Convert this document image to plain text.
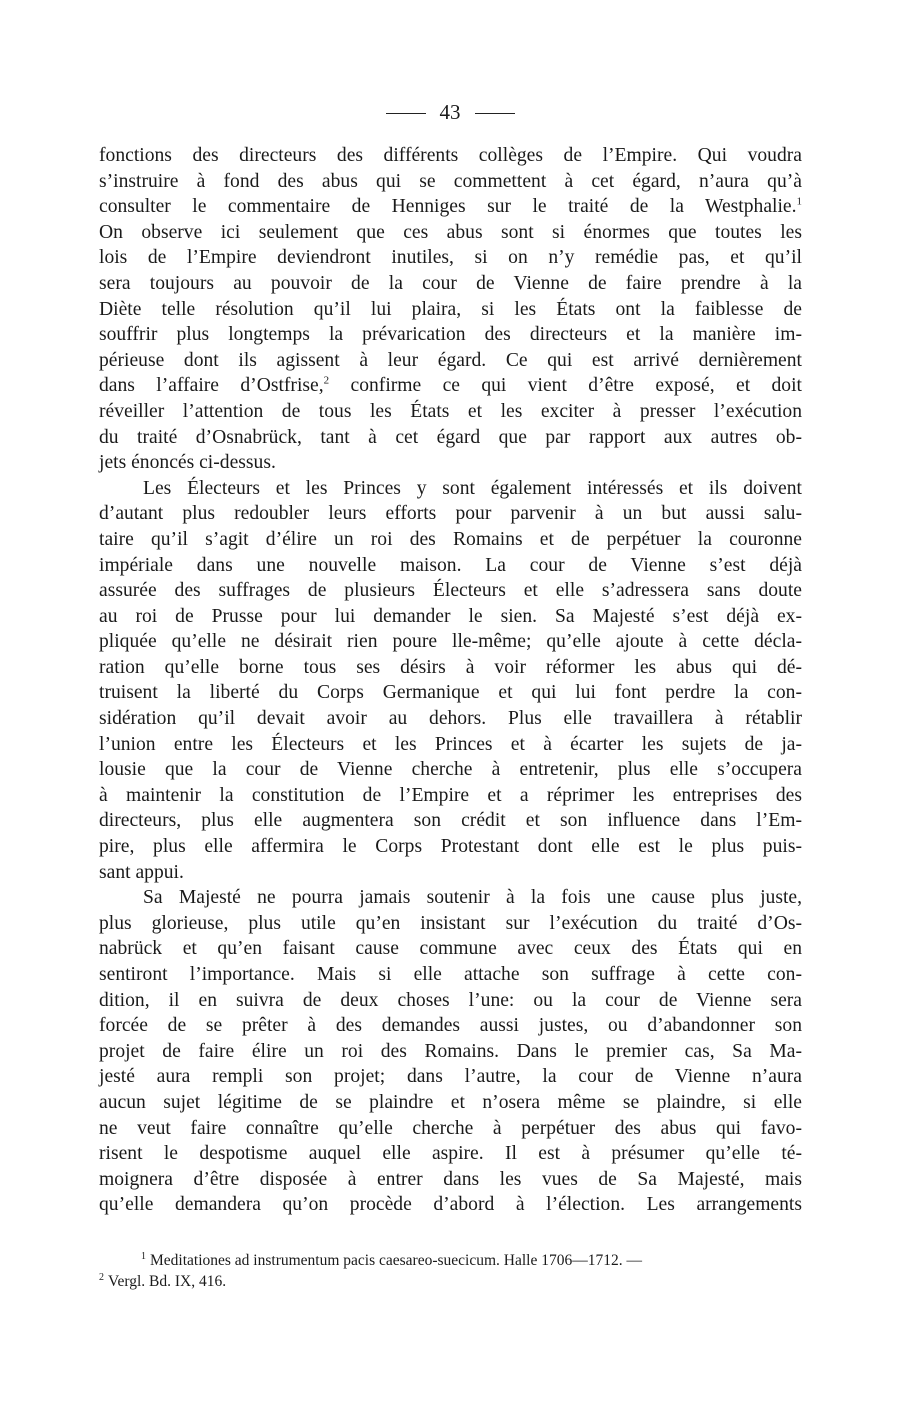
43
fonctions des directeurs des différents collèges de l’Empire. Qui voudra
s’instruire à fond des abus qui se commettent à cet égard, n’aura qu’à
consulter le commentaire de Henniges sur le traité de la Westphalie.$^1$
On observe ici seulement que ces abus sont si énormes que toutes les
lois de l’Empire deviendront inutiles, si on n’y remédie pas, et qu’il
sera toujours au pouvoir de la cour de Vienne de faire prendre à la
Diète telle résolution qu’il lui plaira, si les États ont la faiblesse de
souffrir plus longtemps la prévarication des directeurs et la manière im-
périeuse dont ils agissent à leur égard. Ce qui est arrivé dernièrement
dans l’affaire d’Ostfrise,$^2$ confirme ce qui vient d’être exposé, et doit
réveiller l’attention de tous les États et les exciter à presser l’exécution
du traité d’Osnabrück, tant à cet égard que par rapport aux autres ob-
jets énoncés ci-dessus.
Les Électeurs et les Princes y sont également intéressés et ils doivent
d’autant plus redoubler leurs efforts pour parvenir à un but aussi salu-
taire qu’il s’agit d’élire un roi des Romains et de perpétuer la couronne
impériale dans une nouvelle maison. La cour de Vienne s’est déjà
assurée des suffrages de plusieurs Électeurs et elle s’adressera sans doute
au roi de Prusse pour lui demander le sien. Sa Majesté s’est déjà ex-
pliquée qu’elle ne désirait rien poure lle-même; qu’elle ajoute à cette décla-
ration qu’elle borne tous ses désirs à voir réformer les abus qui dé-
truisent la liberté du Corps Germanique et qui lui font perdre la con-
sidération qu’il devait avoir au dehors. Plus elle travaillera à rétablir
l’union entre les Électeurs et les Princes et à écarter les sujets de ja-
lousie que la cour de Vienne cherche à entretenir, plus elle s’occupera
à maintenir la constitution de l’Empire et a réprimer les entreprises des
directeurs, plus elle augmentera son crédit et son influence dans l’Em-
pire, plus elle affermira le Corps Protestant dont elle est le plus puis-
sant appui.
Sa Majesté ne pourra jamais soutenir à la fois une cause plus juste,
plus glorieuse, plus utile qu’en insistant sur l’exécution du traité d’Os-
nabrück et qu’en faisant cause commune avec ceux des États qui en
sentiront l’importance. Mais si elle attache son suffrage à cette con-
dition, il en suivra de deux choses l’une: ou la cour de Vienne sera
forcée de se prêter à des demandes aussi justes, ou d’abandonner son
projet de faire élire un roi des Romains. Dans le premier cas, Sa Ma-
jesté aura rempli son projet; dans l’autre, la cour de Vienne n’aura
aucun sujet légitime de se plaindre et n’osera même se plaindre, si elle
ne veut faire connaître qu’elle cherche à perpétuer des abus qui favo-
risent le despotisme auquel elle aspire. Il est à présumer qu’elle té-
moignera d’être disposée à entrer dans les vues de Sa Majesté, mais
qu’elle demandera qu’on procède d’abord à l’élection. Les arrangements
$^1$ Meditationes ad instrumentum pacis caesareo-suecicum. Halle 1706—1712. —
$^2$ Vergl. Bd. IX, 416.
